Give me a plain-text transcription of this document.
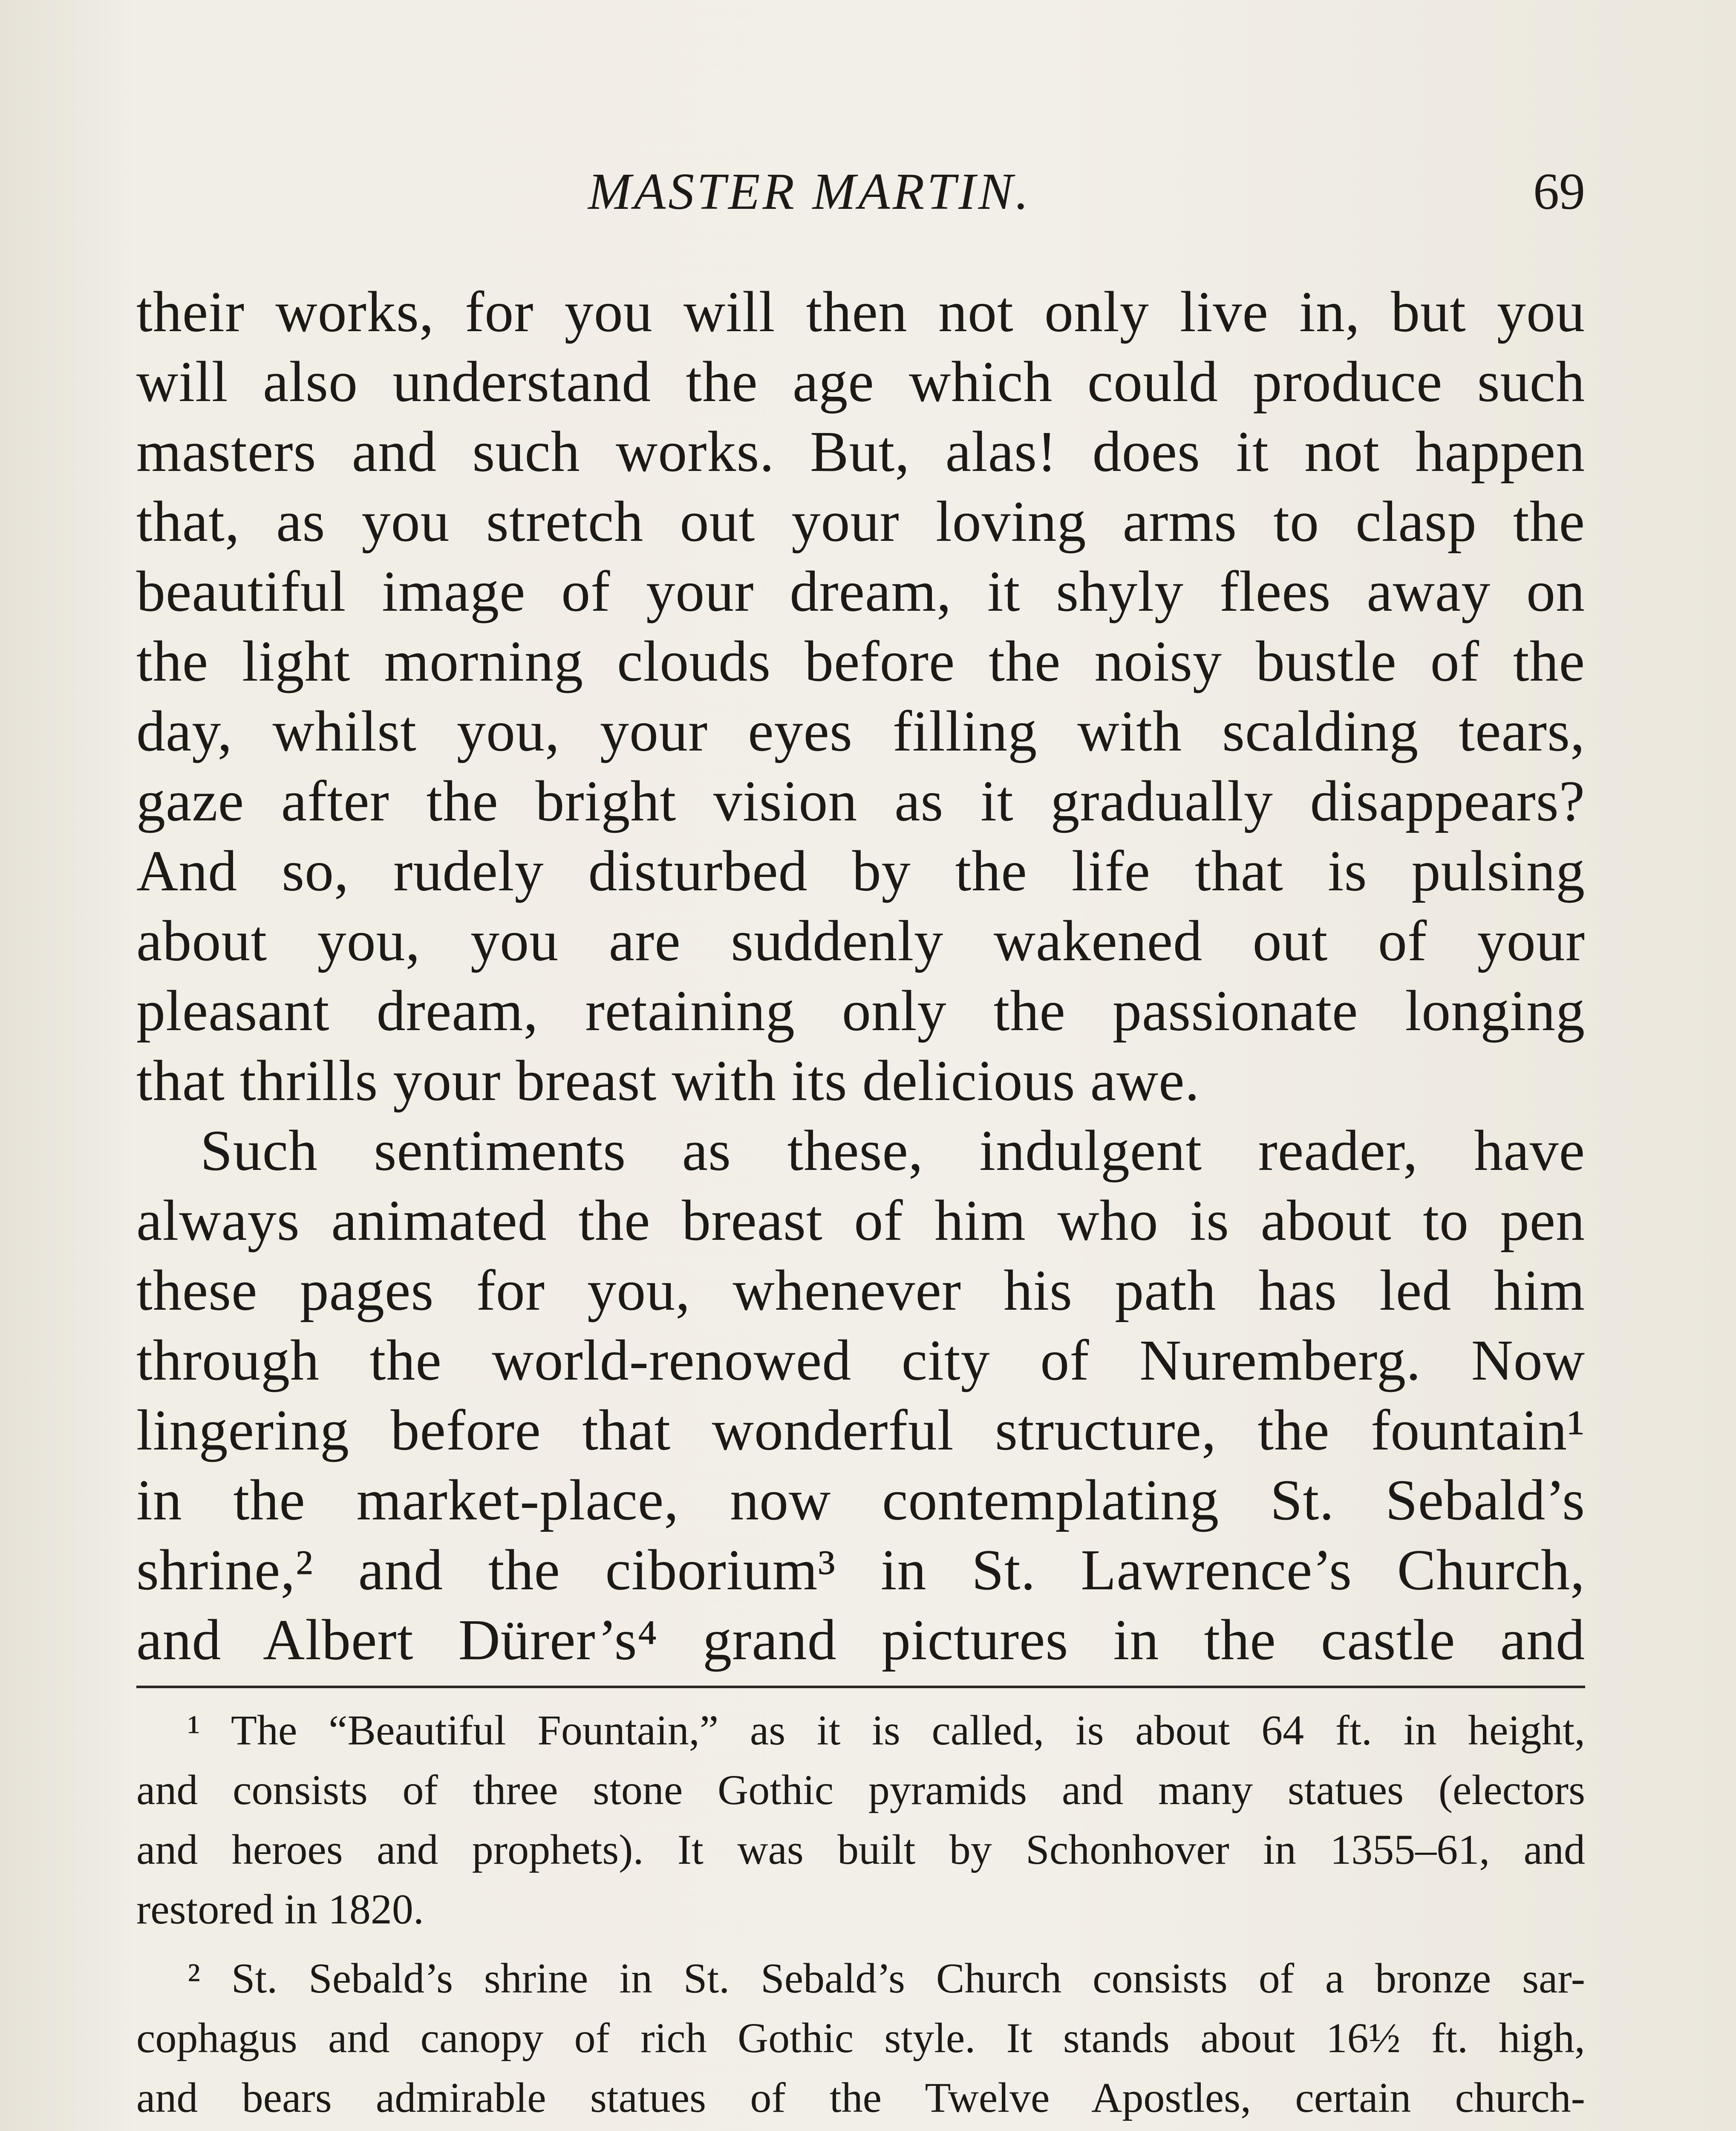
MASTER MARTIN.	69
their works, for you will then not only live in, but you
will also understand the age which could produce such
masters and such works. But, alas! does it not happen
that, as you stretch out your loving arms to clasp the
beautiful image of your dream, it shyly flees away on
the light morning clouds before the noisy bustle of the
day, whilst you, your eyes filling with scalding tears,
gaze after the bright vision as it gradually disappears?
And so, rudely disturbed by the life that is pulsing
about you, you are suddenly wakened out of your
pleasant dream, retaining only the passionate longing
that thrills your breast with its delicious awe.
Such sentiments as these, indulgent reader, have
always animated the breast of him who is about to pen
these pages for you, whenever his path has led him
through the world-renowed city of Nuremberg. Now
lingering before that wonderful structure, the fountain¹
in the market-place, now contemplating St. Sebald’s
shrine,² and the ciborium³ in St. Lawrence’s Church,
and Albert Dürer’s⁴ grand pictures in the castle and
¹ The “Beautiful Fountain,” as it is called, is about 64 ft. in height,
and consists of three stone Gothic pyramids and many statues (electors
and heroes and prophets). It was built by Schonhover in 1355–61, and
restored in 1820.
² St. Sebald’s shrine in St. Sebald’s Church consists of a bronze sar-
cophagus and canopy of rich Gothic style. It stands about 16½ ft. high,
and bears admirable statues of the Twelve Apostles, certain church-
